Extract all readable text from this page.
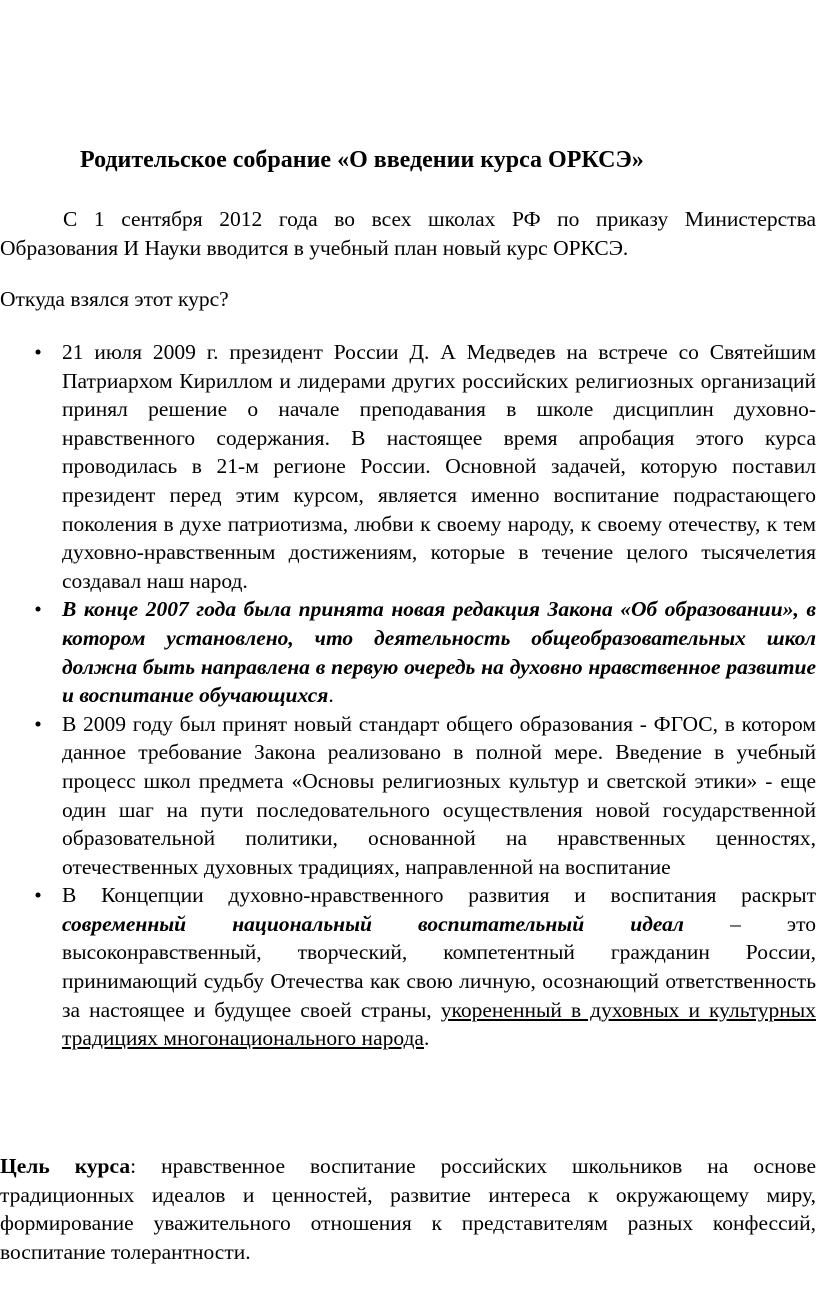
Родительское собрание «О введении курса ОРКСЭ»

С 1 сентября 2012 года во всех школах РФ по приказу Министерства Образования И Науки вводится в учебный план новый курс ОРКСЭ.

Откуда взялся этот курс?

• 21 июля 2009 г. президент России Д. А Медведев на встрече со Святейшим Патриархом Кириллом и лидерами других российских религиозных организаций принял решение о начале преподавания в школе дисциплин духовно-нравственного содержания. В настоящее время апробация этого курса проводилась в 21-м регионе России. Основной задачей, которую поставил президент перед этим курсом, является именно воспитание подрастающего поколения в духе патриотизма, любви к своему народу, к своему отечеству, к тем духовно-нравственным достижениям, которые в течение целого тысячелетия создавал наш народ.
• В конце 2007 года была принята новая редакция Закона «Об образовании», в котором установлено, что деятельность общеобразовательных школ должна быть направлена в первую очередь на духовно нравственное развитие и воспитание обучающихся.
• В 2009 году был принят новый стандарт общего образования - ФГОС, в котором данное требование Закона реализовано в полной мере. Введение в учебный процесс школ предмета «Основы религиозных культур и светской этики» - еще один шаг на пути последовательного осуществления новой государственной образовательной политики, основанной на нравственных ценностях, отечественных духовных традициях, направленной на воспитание
• В Концепции духовно-нравственного развития и воспитания раскрыт современный национальный воспитательный идеал – это высоконравственный, творческий, компетентный гражданин России, принимающий судьбу Отечества как свою личную, осознающий ответственность за настоящее и будущее своей страны, укорененный в духовных и культурных традициях многонационального народа.

Цель курса: нравственное воспитание российских школьников на основе традиционных идеалов и ценностей, развитие интереса к окружающему миру, формирование уважительного отношения к представителям разных конфессий, воспитание толерантности.
